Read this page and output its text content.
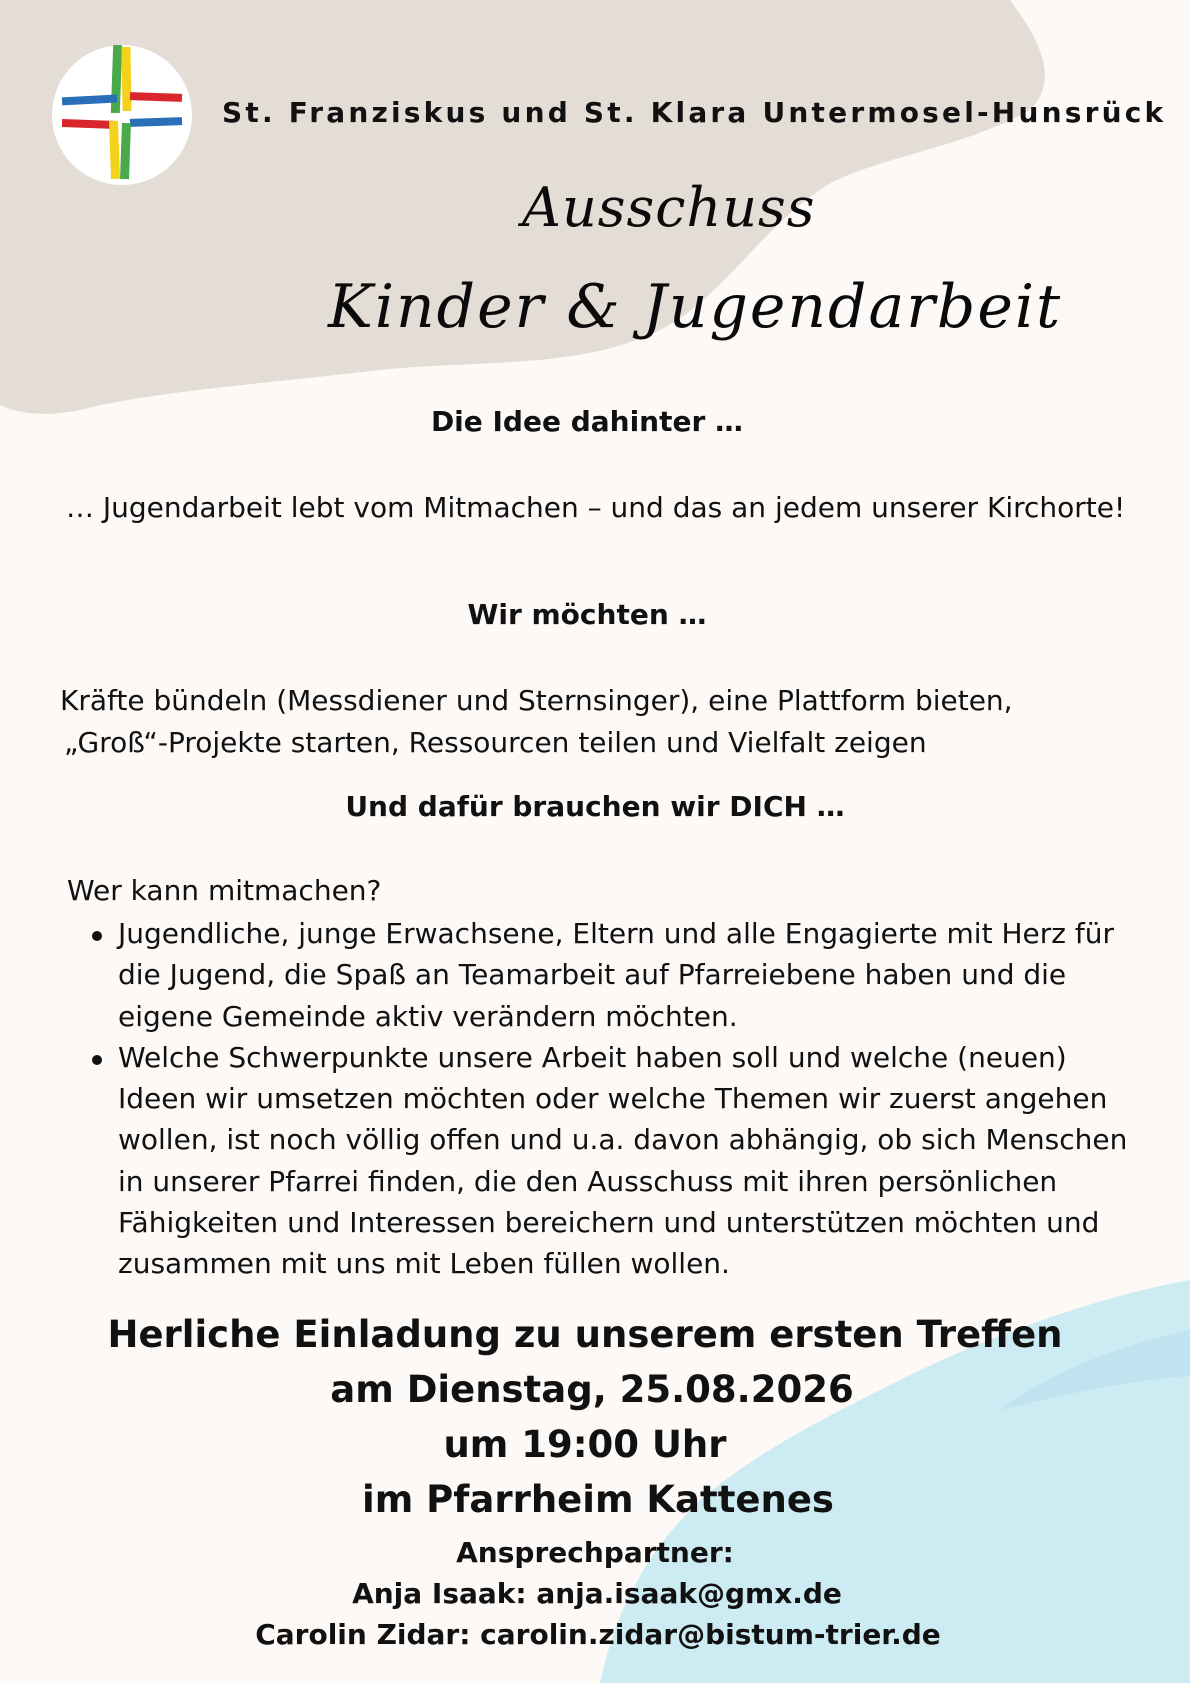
St. Franziskus und St. Klara Untermosel-Hunsrück
Ausschuss
Kinder & Jugendarbeit
Die Idee dahinter …
… Jugendarbeit lebt vom Mitmachen – und das an jedem unserer Kirchorte!
Wir möchten …
Kräfte bündeln (Messdiener und Sternsinger), eine Plattform bieten,
„Groß“-Projekte starten, Ressourcen teilen und Vielfalt zeigen
Und dafür brauchen wir DICH …
Wer kann mitmachen?
Jugendliche, junge Erwachsene, Eltern und alle Engagierte mit Herz für die Jugend, die Spaß an Teamarbeit auf Pfarreiebene haben und die eigene Gemeinde aktiv verändern möchten.
Welche Schwerpunkte unsere Arbeit haben soll und welche (neuen) Ideen wir umsetzen möchten oder welche Themen wir zuerst angehen wollen, ist noch völlig offen und u.a. davon abhängig, ob sich Menschen in unserer Pfarrei finden, die den Ausschuss mit ihren persönlichen Fähigkeiten und Interessen bereichern und unterstützen möchten und zusammen mit uns mit Leben füllen wollen.
Herliche Einladung zu unserem ersten Treffen
am Dienstag, 25.08.2026
um 19:00 Uhr
im Pfarrheim Kattenes
Ansprechpartner:
Anja Isaak: anja.isaak@gmx.de
Carolin Zidar: carolin.zidar@bistum-trier.de
